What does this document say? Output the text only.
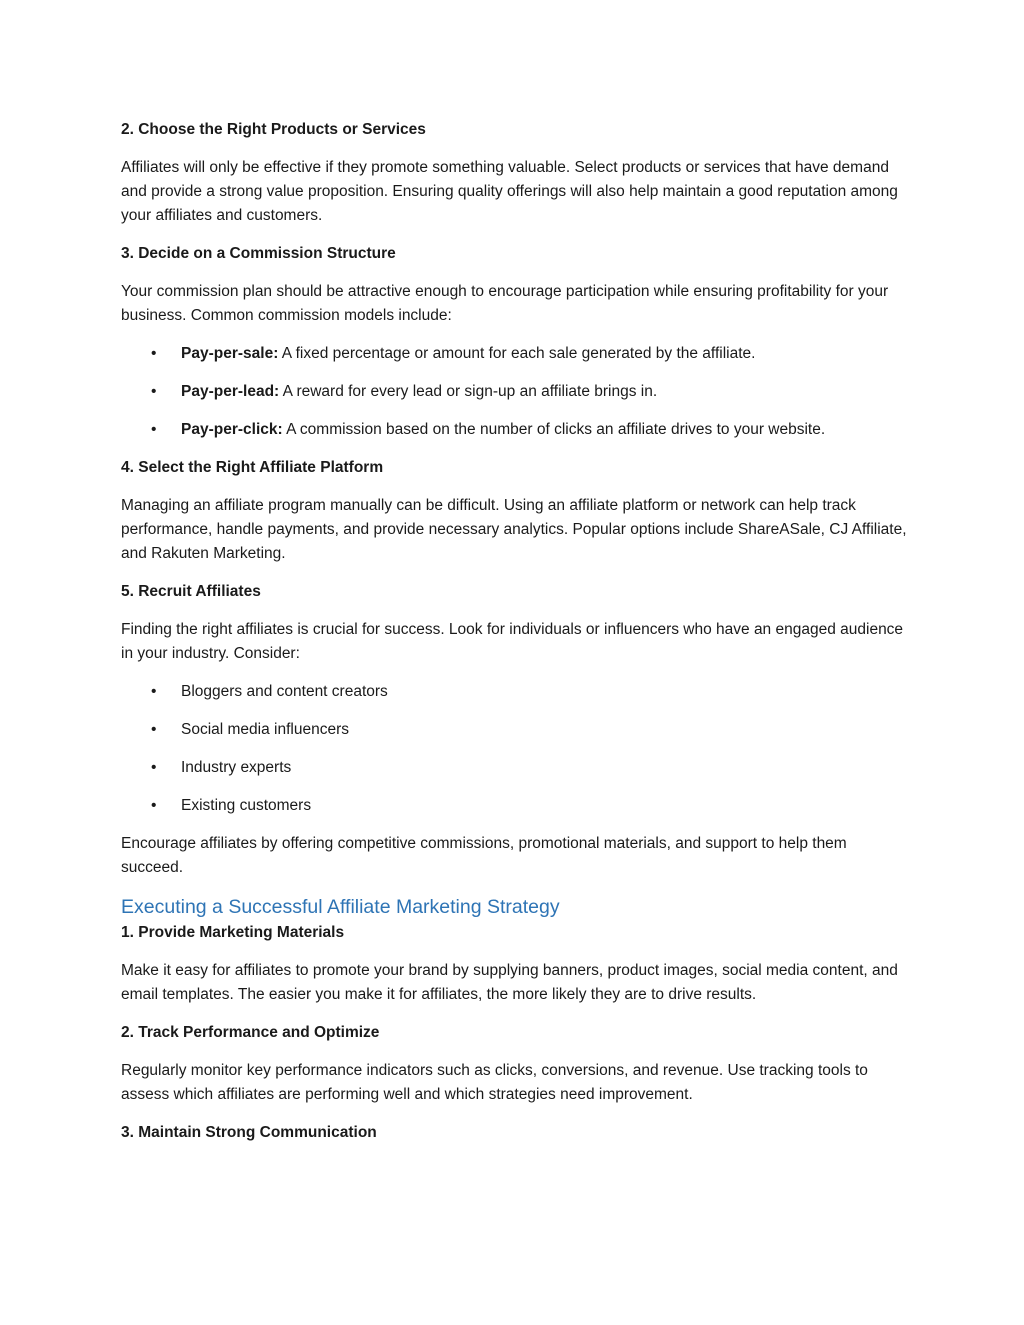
2. Choose the Right Products or Services
Affiliates will only be effective if they promote something valuable. Select products or services that have demand and provide a strong value proposition. Ensuring quality offerings will also help maintain a good reputation among your affiliates and customers.
3. Decide on a Commission Structure
Your commission plan should be attractive enough to encourage participation while ensuring profitability for your business. Common commission models include:
• Pay-per-sale: A fixed percentage or amount for each sale generated by the affiliate.
• Pay-per-lead: A reward for every lead or sign-up an affiliate brings in.
• Pay-per-click: A commission based on the number of clicks an affiliate drives to your website.
4. Select the Right Affiliate Platform
Managing an affiliate program manually can be difficult. Using an affiliate platform or network can help track performance, handle payments, and provide necessary analytics. Popular options include ShareASale, CJ Affiliate, and Rakuten Marketing.
5. Recruit Affiliates
Finding the right affiliates is crucial for success. Look for individuals or influencers who have an engaged audience in your industry. Consider:
• Bloggers and content creators
• Social media influencers
• Industry experts
• Existing customers
Encourage affiliates by offering competitive commissions, promotional materials, and support to help them succeed.
Executing a Successful Affiliate Marketing Strategy
1. Provide Marketing Materials
Make it easy for affiliates to promote your brand by supplying banners, product images, social media content, and email templates. The easier you make it for affiliates, the more likely they are to drive results.
2. Track Performance and Optimize
Regularly monitor key performance indicators such as clicks, conversions, and revenue. Use tracking tools to assess which affiliates are performing well and which strategies need improvement.
3. Maintain Strong Communication
